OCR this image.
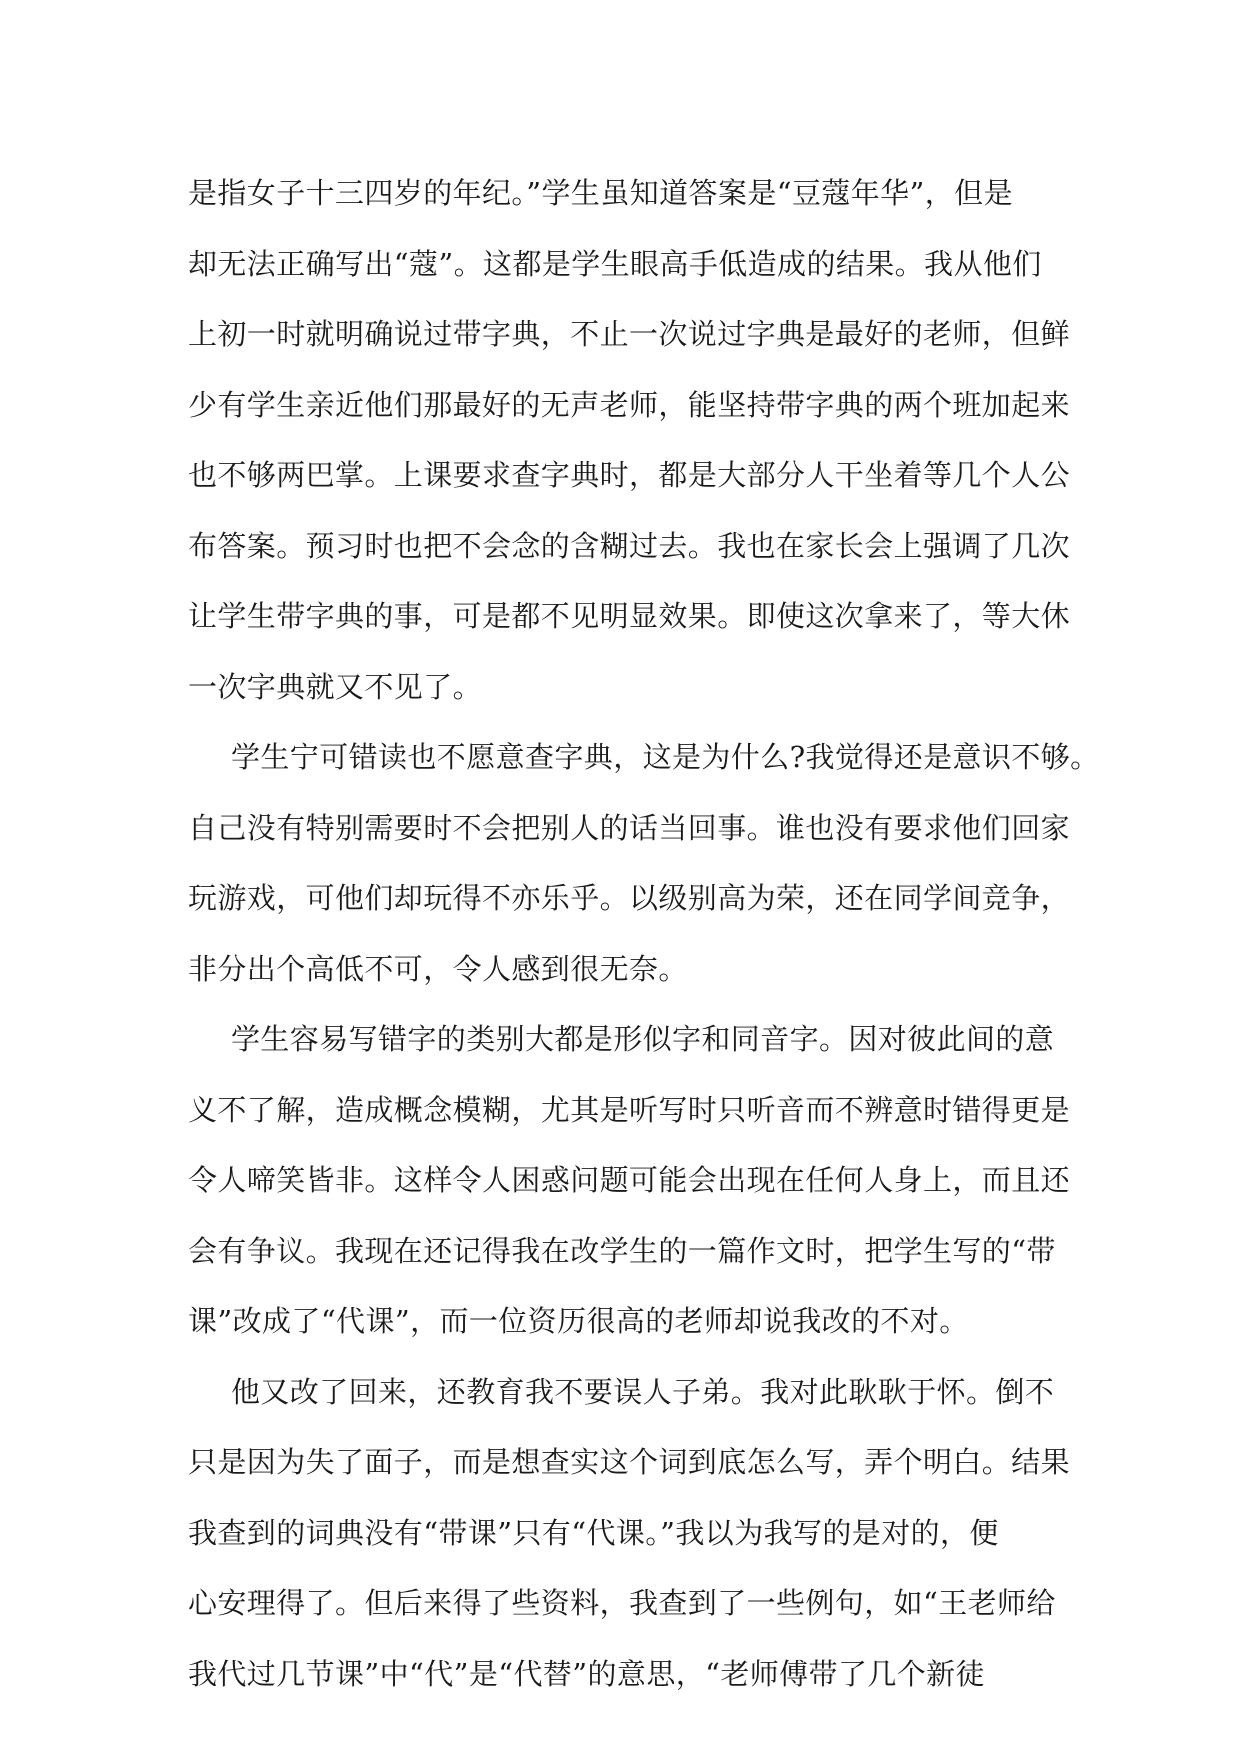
是指女子十三四岁的年纪。”学生虽知道答案是“豆蔻年华”，但是

却无法正确写出“蔻”。这都是学生眼高手低造成的结果。我从他们

上初一时就明确说过带字典，不止一次说过字典是最好的老师，但鲜

少有学生亲近他们那最好的无声老师，能坚持带字典的两个班加起来

也不够两巴掌。上课要求查字典时，都是大部分人干坐着等几个人公

布答案。预习时也把不会念的含糊过去。我也在家长会上强调了几次

让学生带字典的事，可是都不见明显效果。即使这次拿来了，等大休

一次字典就又不见了。

学生宁可错读也不愿意查字典，这是为什么?我觉得还是意识不够。

自己没有特别需要时不会把别人的话当回事。谁也没有要求他们回家

玩游戏，可他们却玩得不亦乐乎。以级别高为荣，还在同学间竞争，

非分出个高低不可，令人感到很无奈。

学生容易写错字的类别大都是形似字和同音字。因对彼此间的意

义不了解，造成概念模糊，尤其是听写时只听音而不辨意时错得更是

令人啼笑皆非。这样令人困惑问题可能会出现在任何人身上，而且还

会有争议。我现在还记得我在改学生的一篇作文时，把学生写的“带

课”改成了“代课”，而一位资历很高的老师却说我改的不对。

他又改了回来，还教育我不要误人子弟。我对此耿耿于怀。倒不

只是因为失了面子，而是想查实这个词到底怎么写，弄个明白。结果

我查到的词典没有“带课”只有“代课。”我以为我写的是对的，便

心安理得了。但后来得了些资料，我查到了一些例句，如“王老师给

我代过几节课”中“代”是“代替”的意思，“老师傅带了几个新徒
